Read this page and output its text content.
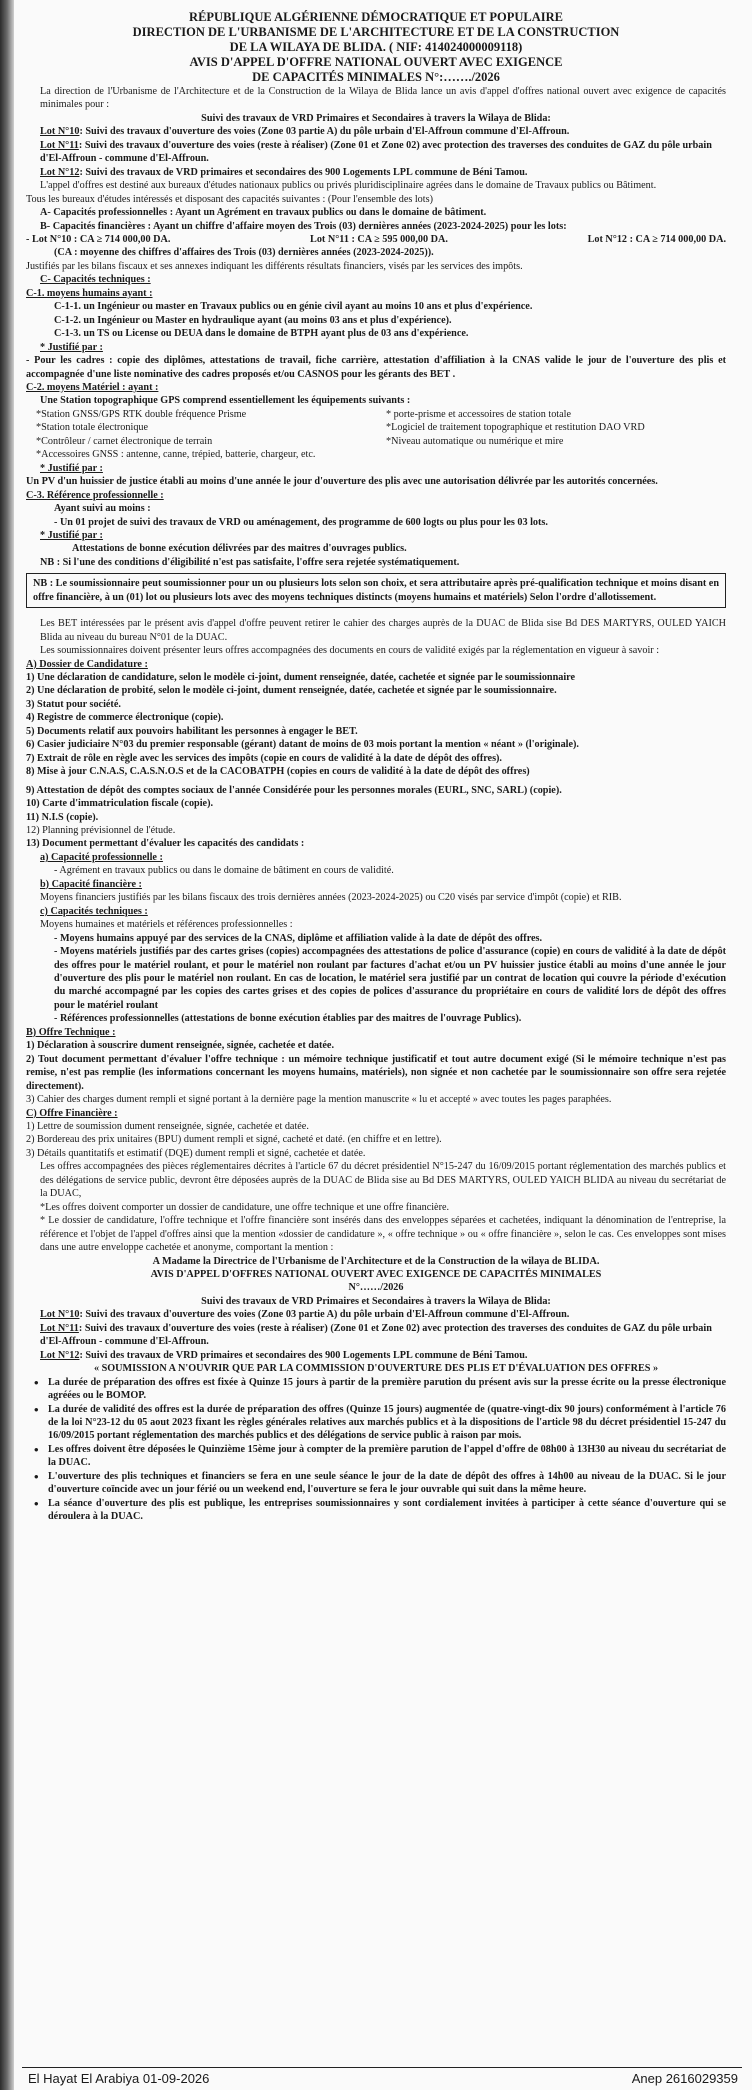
RÉPUBLIQUE ALGÉRIENNE DÉMOCRATIQUE ET POPULAIRE
DIRECTION DE L'URBANISME DE L'ARCHITECTURE ET DE LA CONSTRUCTION
DE LA WILAYA DE BLIDA. ( NIF: 414024000009118)
AVIS D'APPEL D'OFFRE NATIONAL OUVERT AVEC EXIGENCE
DE CAPACITÉS MINIMALES N°:……./2026

La direction de l'Urbanisme de l'Architecture et de la Construction de la Wilaya de Blida lance un avis d'appel d'offres national ouvert avec exigence de capacités minimales pour :

Suivi des travaux de VRD Primaires et Secondaires à travers la Wilaya de Blida:

Lot N°10: Suivi des travaux d'ouverture des voies (Zone 03 partie A) du pôle urbain d'El-Affroun commune d'El-Affroun.

Lot N°11: Suivi des travaux d'ouverture des voies (reste à réaliser) (Zone 01 et Zone 02) avec protection des traverses des conduites de GAZ du pôle urbain d'El-Affroun - commune d'El-Affroun.

Lot N°12: Suivi des travaux de VRD primaires et secondaires des 900 Logements LPL commune de Béni Tamou.

L'appel d'offres est destiné aux bureaux d'études nationaux publics ou privés pluridisciplinaire agrées dans le domaine de Travaux publics ou Bâtiment.

Tous les bureaux d'études intéressés et disposant des capacités suivantes : (Pour l'ensemble des lots)

A- Capacités professionnelles : Ayant un Agrément en travaux publics ou dans le domaine de bâtiment.

B- Capacités financières : Ayant un chiffre d'affaire moyen des Trois (03) dernières années (2023-2024-2025) pour les lots:

- Lot N°10 : CA ≥ 714 000,00 DA.	Lot N°11 : CA ≥ 595 000,00 DA.	Lot N°12 : CA ≥ 714 000,00 DA.

(CA : moyenne des chiffres d'affaires des Trois (03) dernières années (2023-2024-2025)).

Justifiés par les bilans fiscaux et ses annexes indiquant les différents résultats financiers, visés par les services des impôts.

C- Capacités techniques :

C-1. moyens humains ayant :

C-1-1. un Ingénieur ou master en Travaux publics ou en génie civil ayant au moins 10 ans et plus d'expérience.

C-1-2. un Ingénieur ou Master en hydraulique ayant (au moins 03 ans et plus d'expérience).

C-1-3. un TS ou License ou DEUA dans le domaine de BTPH ayant plus de 03 ans d'expérience.

* Justifié par :

- Pour les cadres : copie des diplômes, attestations de travail, fiche carrière, attestation d'affiliation à la CNAS valide le jour de l'ouverture des plis et accompagnée d'une liste nominative des cadres proposés et/ou CASNOS pour les gérants des BET .

C-2. moyens Matériel : ayant :

Une Station topographique GPS comprend essentiellement les équipements suivants :

*Station GNSS/GPS RTK double fréquence Prisme	* porte-prisme et accessoires de station totale
*Station totale électronique	*Logiciel de traitement topographique et restitution DAO VRD
*Contrôleur / carnet électronique de terrain	*Niveau automatique ou numérique et mire
*Accessoires GNSS : antenne, canne, trépied, batterie, chargeur, etc.

* Justifié par :

Un PV d'un huissier de justice établi au moins d'une année le jour d'ouverture des plis avec une autorisation délivrée par les autorités concernées.

C-3. Référence professionnelle :

Ayant suivi au moins :

- Un 01 projet de suivi des travaux de VRD ou aménagement, des programme de 600 logts ou plus pour les 03 lots.

* Justifié par :

Attestations de bonne exécution délivrées par des maitres d'ouvrages publics.

NB : Si l'une des conditions d'éligibilité n'est pas satisfaite, l'offre sera rejetée systématiquement.

NB : Le soumissionnaire peut soumissionner pour un ou plusieurs lots selon son choix, et sera attributaire après pré-qualification technique et moins disant en offre financière, à un (01) lot ou plusieurs lots avec des moyens techniques distincts (moyens humains et matériels) Selon l'ordre d'allotissement.

Les BET intéressées par le présent avis d'appel d'offre peuvent retirer le cahier des charges auprès de la DUAC de Blida sise Bd DES MARTYRS, OULED YAICH Blida au niveau du bureau N°01 de la DUAC.

Les soumissionnaires doivent présenter leurs offres accompagnées des documents en cours de validité exigés par la réglementation en vigueur à savoir :

A) Dossier de Candidature :

1) Une déclaration de candidature, selon le modèle ci-joint, dument renseignée, datée, cachetée et signée par le soumissionnaire

2) Une déclaration de probité, selon le modèle ci-joint, dument renseignée, datée, cachetée et signée par le soumissionnaire.

3) Statut pour société.

4) Registre de commerce électronique (copie).

5) Documents relatif aux pouvoirs habilitant les personnes à engager le BET.

6) Casier judiciaire N°03 du premier responsable (gérant) datant de moins de 03 mois portant la mention « néant » (l'originale).

7) Extrait de rôle en règle avec les services des impôts (copie en cours de validité à la date de dépôt des offres).

8) Mise à jour C.N.A.S, C.A.S.N.O.S et de la CACOBATPH (copies en cours de validité à la date de dépôt des offres)

9) Attestation de dépôt des comptes sociaux de l'année Considérée pour les personnes morales (EURL, SNC, SARL) (copie).

10) Carte d'immatriculation fiscale (copie).

11) N.I.S (copie).

12) Planning prévisionnel de l'étude.

13) Document permettant d'évaluer les capacités des candidats :

a) Capacité professionnelle :

- Agrément en travaux publics ou dans le domaine de bâtiment en cours de validité.

b) Capacité financière :

Moyens financiers justifiés par les bilans fiscaux des trois dernières années (2023-2024-2025) ou C20 visés par service d'impôt (copie) et RIB.

c) Capacités techniques :

Moyens humaines et matériels et références professionnelles :

- Moyens humains appuyé par des services de la CNAS, diplôme et affiliation valide à la date de dépôt des offres.

- Moyens matériels justifiés par des cartes grises (copies) accompagnées des attestations de police d'assurance (copie) en cours de validité à la date de dépôt des offres pour le matériel roulant, et pour le matériel non roulant par factures d'achat et/ou un PV huissier justice établi au moins d'une année le jour d'ouverture des plis pour le matériel non roulant. En cas de location, le matériel sera justifié par un contrat de location qui couvre la période d'exécution du marché accompagné par les copies des cartes grises et des copies de polices d'assurance du propriétaire en cours de validité lors de dépôt des offres pour le matériel roulant

- Références professionnelles (attestations de bonne exécution établies par des maitres de l'ouvrage Publics).

B) Offre Technique :

1) Déclaration à souscrire dument renseignée, signée, cachetée et datée.

2) Tout document permettant d'évaluer l'offre technique : un mémoire technique justificatif et tout autre document exigé (Si le mémoire technique n'est pas remise, n'est pas remplie (les informations concernant les moyens humains, matériels), non signée et non cachetée par le soumissionnaire son offre sera rejetée directement).

3) Cahier des charges dument rempli et signé portant à la dernière page la mention manuscrite « lu et accepté » avec toutes les pages paraphées.

C) Offre Financière :

1) Lettre de soumission dument renseignée, signée, cachetée et datée.

2) Bordereau des prix unitaires (BPU) dument rempli et signé, cacheté et daté. (en chiffre et en lettre).

3) Détails quantitatifs et estimatif (DQE) dument rempli et signé, cachetée et datée.

Les offres accompagnées des pièces réglementaires décrites à l'article 67 du décret présidentiel N°15-247 du 16/09/2015 portant réglementation des marchés publics et des délégations de service public, devront être déposées auprès de la DUAC de Blida sise au Bd DES MARTYRS, OULED YAICH BLIDA au niveau du secrétariat de la DUAC,

*Les offres doivent comporter un dossier de candidature, une offre technique et une offre financière.

* Le dossier de candidature, l'offre technique et l'offre financière sont insérés dans des enveloppes séparées et cachetées, indiquant la dénomination de l'entreprise, la référence et l'objet de l'appel d'offres ainsi que la mention «dossier de candidature », « offre technique » ou « offre financière », selon le cas. Ces enveloppes sont mises dans une autre enveloppe cachetée et anonyme, comportant la mention :

A Madame la Directrice de l'Urbanisme de l'Architecture et de la Construction de la wilaya de BLIDA.

AVIS D'APPEL D'OFFRES NATIONAL OUVERT AVEC EXIGENCE DE CAPACITÉS MINIMALES

N°……/2026

Suivi des travaux de VRD Primaires et Secondaires à travers la Wilaya de Blida:

Lot N°10: Suivi des travaux d'ouverture des voies (Zone 03 partie A) du pôle urbain d'El-Affroun commune d'El-Affroun.

Lot N°11: Suivi des travaux d'ouverture des voies (reste à réaliser) (Zone 01 et Zone 02) avec protection des traverses des conduites de GAZ du pôle urbain d'El-Affroun - commune d'El-Affroun.

Lot N°12: Suivi des travaux de VRD primaires et secondaires des 900 Logements LPL commune de Béni Tamou.

« SOUMISSION A N'OUVRIR QUE PAR LA COMMISSION D'OUVERTURE DES PLIS ET D'ÉVALUATION DES OFFRES »

• La durée de préparation des offres est fixée à Quinze 15 jours à partir de la première parution du présent avis sur la presse écrite ou la presse électronique agréées ou le BOMOP.

• La durée de validité des offres est la durée de préparation des offres (Quinze 15 jours) augmentée de (quatre-vingt-dix 90 jours) conformément à l'article 76 de la loi N°23-12 du 05 aout 2023 fixant les règles générales relatives aux marchés publics et à la dispositions de l'article 98 du décret présidentiel 15-247 du 16/09/2015 portant réglementation des marchés publics et des délégations de service public à raison par mois.

• Les offres doivent être déposées le Quinzième 15ème jour à compter de la première parution de l'appel d'offre de 08h00 à 13H30 au niveau du secrétariat de la DUAC.

• L'ouverture des plis techniques et financiers se fera en une seule séance le jour de la date de dépôt des offres à 14h00 au niveau de la DUAC. Si le jour d'ouverture coïncide avec un jour férié ou un weekend end, l'ouverture se fera le jour ouvrable qui suit dans la même heure.

• La séance d'ouverture des plis est publique, les entreprises soumissionnaires y sont cordialement invitées à participer à cette séance d'ouverture qui se déroulera à la DUAC.

El Hayat El Arabiya 01-09-2026	Anep 2616029359
